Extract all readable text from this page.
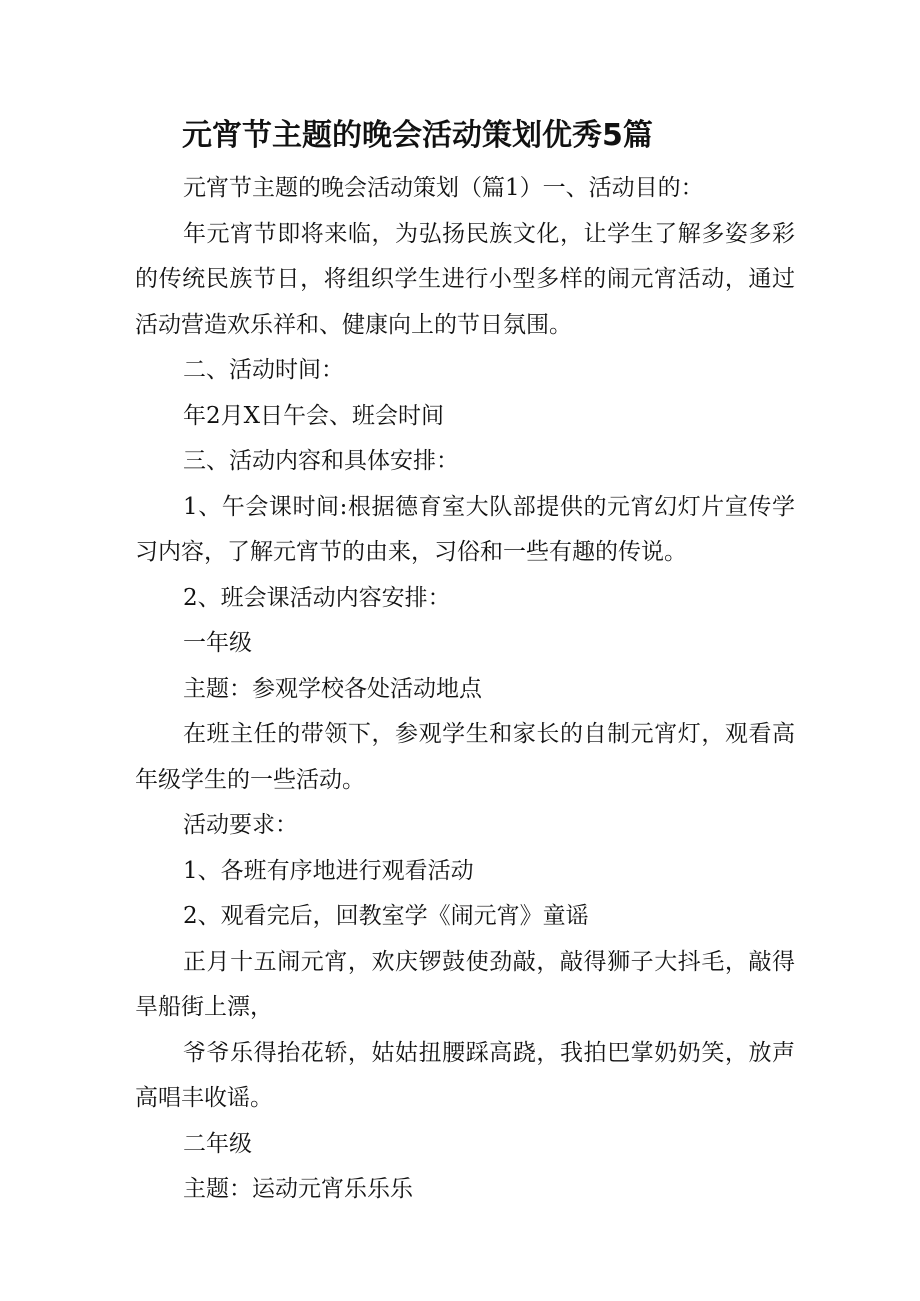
元宵节主题的晚会活动策划优秀5篇

元宵节主题的晚会活动策划（篇1）一、活动目的：

年元宵节即将来临，为弘扬民族文化，让学生了解多姿多彩的传统民族节日，将组织学生进行小型多样的闹元宵活动，通过活动营造欢乐祥和、健康向上的节日氛围。

二、活动时间：

年2月X日午会、班会时间

三、活动内容和具体安排：

1、午会课时间:根据德育室大队部提供的元宵幻灯片宣传学习内容，了解元宵节的由来，习俗和一些有趣的传说。

2、班会课活动内容安排：

一年级

主题：参观学校各处活动地点

在班主任的带领下，参观学生和家长的自制元宵灯，观看高年级学生的一些活动。

活动要求：

1、各班有序地进行观看活动

2、观看完后，回教室学《闹元宵》童谣

正月十五闹元宵，欢庆锣鼓使劲敲，敲得狮子大抖毛，敲得旱船街上漂，

爷爷乐得抬花轿，姑姑扭腰踩高跷，我拍巴掌奶奶笑，放声高唱丰收谣。

二年级

主题：运动元宵乐乐乐
